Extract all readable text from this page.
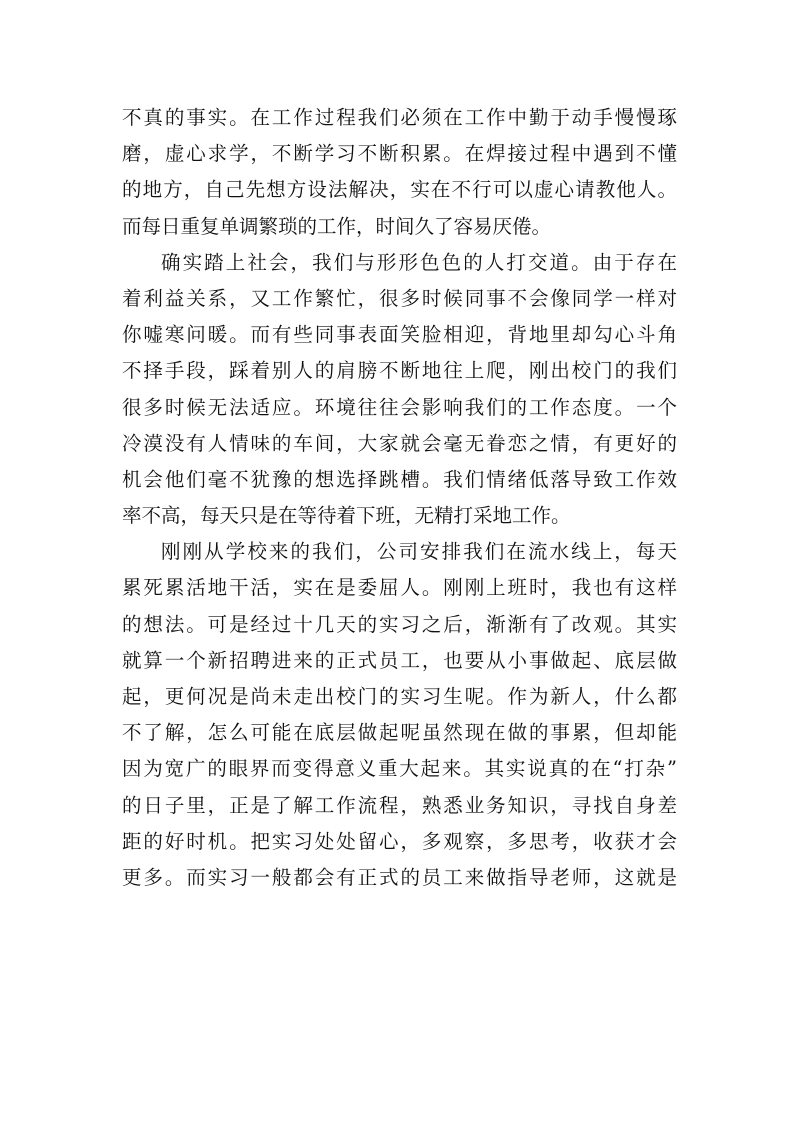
不真的事实。在工作过程我们必须在工作中勤于动手慢慢琢
磨，虚心求学，不断学习不断积累。在焊接过程中遇到不懂
的地方，自己先想方设法解决，实在不行可以虚心请教他人。
而每日重复单调繁琐的工作，时间久了容易厌倦。
确实踏上社会，我们与形形色色的人打交道。由于存在
着利益关系，又工作繁忙，很多时候同事不会像同学一样对
你嘘寒问暖。而有些同事表面笑脸相迎，背地里却勾心斗角
不择手段，踩着别人的肩膀不断地往上爬，刚出校门的我们
很多时候无法适应。环境往往会影响我们的工作态度。一个
冷漠没有人情味的车间，大家就会毫无眷恋之情，有更好的
机会他们毫不犹豫的想选择跳槽。我们情绪低落导致工作效
率不高，每天只是在等待着下班，无精打采地工作。
刚刚从学校来的我们，公司安排我们在流水线上，每天
累死累活地干活，实在是委屈人。刚刚上班时，我也有这样
的想法。可是经过十几天的实习之后，渐渐有了改观。其实
就算一个新招聘进来的正式员工，也要从小事做起、底层做
起，更何况是尚未走出校门的实习生呢。作为新人，什么都
不了解，怎么可能在底层做起呢虽然现在做的事累，但却能
因为宽广的眼界而变得意义重大起来。其实说真的在“打杂”
的日子里，正是了解工作流程，熟悉业务知识，寻找自身差
距的好时机。把实习处处留心，多观察，多思考，收获才会
更多。而实习一般都会有正式的员工来做指导老师，这就是
